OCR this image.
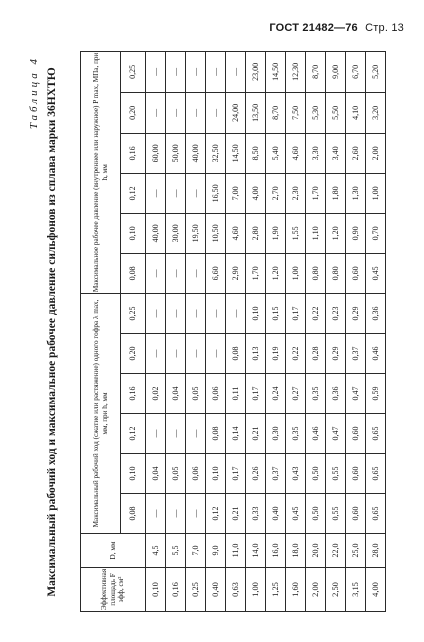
ГОСТ 21482—76 Стр. 13
Таблица 4 Максимальный рабочий ход и максимальное рабочее давление сильфонов из сплава марки 36НХТЮ	Эффективная площадь F эфф, см²	D, мм	Максимальный рабочий ход (сжатие или растяжение) одного гофра λ max, мм, при h, мм						Максимальное рабочее давление (внутреннее или наружное) P max, МПа, при h, мм					
		0,08	0,10	0,12	0,16	0,20	0,25	0,08	0,10	0,12	0,16	0,20	0,25
0,10	4,5	—	0,04	—	0,02	—	—	—	40,00	—	60,00	—	—
0,16	5,5	—	0,05	—	0,04	—	—	—	30,00	—	50,00	—	—
0,25	7,0	—	0,06	—	0,05	—	—	—	19,50	—	40,00	—	—
0,40	9,0	0,12	0,10	0,08	0,06	—	—	6,60	10,50	16,50	32,50	—	—
0,63	11,0	0,21	0,17	0,14	0,11	0,08	—	2,90	4,60	7,00	14,50	24,00	—
1,00	14,0	0,33	0,26	0,21	0,17	0,13	0,10	1,70	2,80	4,00	8,50	13,50	23,00
1,25	16,0	0,40	0,37	0,30	0,24	0,19	0,15	1,20	1,90	2,70	5,40	8,70	14,50
1,60	18,0	0,45	0,43	0,35	0,27	0,22	0,17	1,00	1,55	2,30	4,60	7,50	12,30
2,00	20,0	0,50	0,50	0,46	0,35	0,28	0,22	0,80	1,10	1,70	3,30	5,30	8,70
2,50	22,0	0,55	0,55	0,47	0,36	0,29	0,23	0,80	1,20	1,80	3,40	5,50	9,00
3,15	25,0	0,60	0,60	0,60	0,47	0,37	0,29	0,60	0,90	1,30	2,60	4,10	6,70
4,00	28,0	0,65	0,65	0,65	0,59	0,46	0,36	0,45	0,70	1,00	2,00	3,20	5,20
